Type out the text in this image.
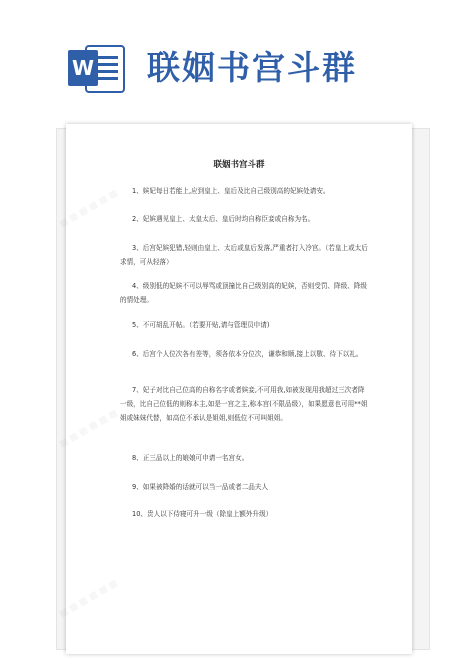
W 联姻书宫斗群
▦ ▦ ▦ ▦ ▦ ▦
▦ ▦ ▦ ▦ ▦ ▦
▦ ▦ ▦ ▦ ▦ ▦
联姻书宫斗群
1、嫔妃每日若能上,应到皇上、皇后及比自己级别高的妃嫔处请安。
2、妃嫔遇见皇上、太皇太后、皇后时均自称臣妾或自称为名。
3、后宫妃嫔犯错,轻则由皇上、太后或皇后发落,严重者打入冷宫。（若皇上或太后求情，可从轻落）
4、级别低的妃嫔不可以辱骂或顶撞比自己级别高的妃嫔，否则受罚、降级、降级的情处理。
5、不可胡乱开帖。（若要开贴,请与管理员申请)
6、后宫个人位次各有差等，须各依本分位次，谦恭和顺,接上以敬、待下以礼。
7、妃子对比自己位高的自称名字或者嫔妾,不可用我,如被发现用我超过三次者降一级，比自己位低的则称本主,如是一宫之主,称本宫(不限品级），如果愿意也可用**姐姐或妹妹代替，如高位不承认是姐姐,则低位不可叫姐姐。
8、正三品以上的娘娘可申请一名宫女。
9、如果被降婚的话就可以当一品或者二品夫人
10、贵人以下侍寝可升一级（除皇上额外升级）
